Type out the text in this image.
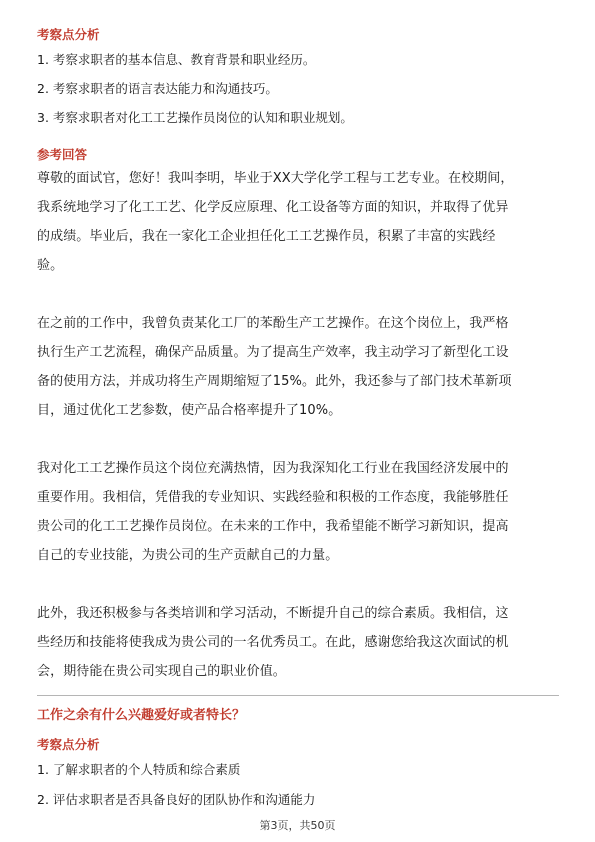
考察点分析
1. 考察求职者的基本信息、教育背景和职业经历。
2. 考察求职者的语言表达能力和沟通技巧。
3. 考察求职者对化工工艺操作员岗位的认知和职业规划。
参考回答
尊敬的面试官，您好！我叫李明，毕业于XX大学化学工程与工艺专业。在校期间，
我系统地学习了化工工艺、化学反应原理、化工设备等方面的知识，并取得了优异
的成绩。毕业后，我在一家化工企业担任化工工艺操作员，积累了丰富的实践经
验。
在之前的工作中，我曾负责某化工厂的苯酚生产工艺操作。在这个岗位上，我严格
执行生产工艺流程，确保产品质量。为了提高生产效率，我主动学习了新型化工设
备的使用方法，并成功将生产周期缩短了15%。此外，我还参与了部门技术革新项
目，通过优化工艺参数，使产品合格率提升了10%。
我对化工工艺操作员这个岗位充满热情，因为我深知化工行业在我国经济发展中的
重要作用。我相信，凭借我的专业知识、实践经验和积极的工作态度，我能够胜任
贵公司的化工工艺操作员岗位。在未来的工作中，我希望能不断学习新知识，提高
自己的专业技能，为贵公司的生产贡献自己的力量。
此外，我还积极参与各类培训和学习活动，不断提升自己的综合素质。我相信，这
些经历和技能将使我成为贵公司的一名优秀员工。在此，感谢您给我这次面试的机
会，期待能在贵公司实现自己的职业价值。
工作之余有什么兴趣爱好或者特长？
考察点分析
1. 了解求职者的个人特质和综合素质
2. 评估求职者是否具备良好的团队协作和沟通能力
第3页，共50页
